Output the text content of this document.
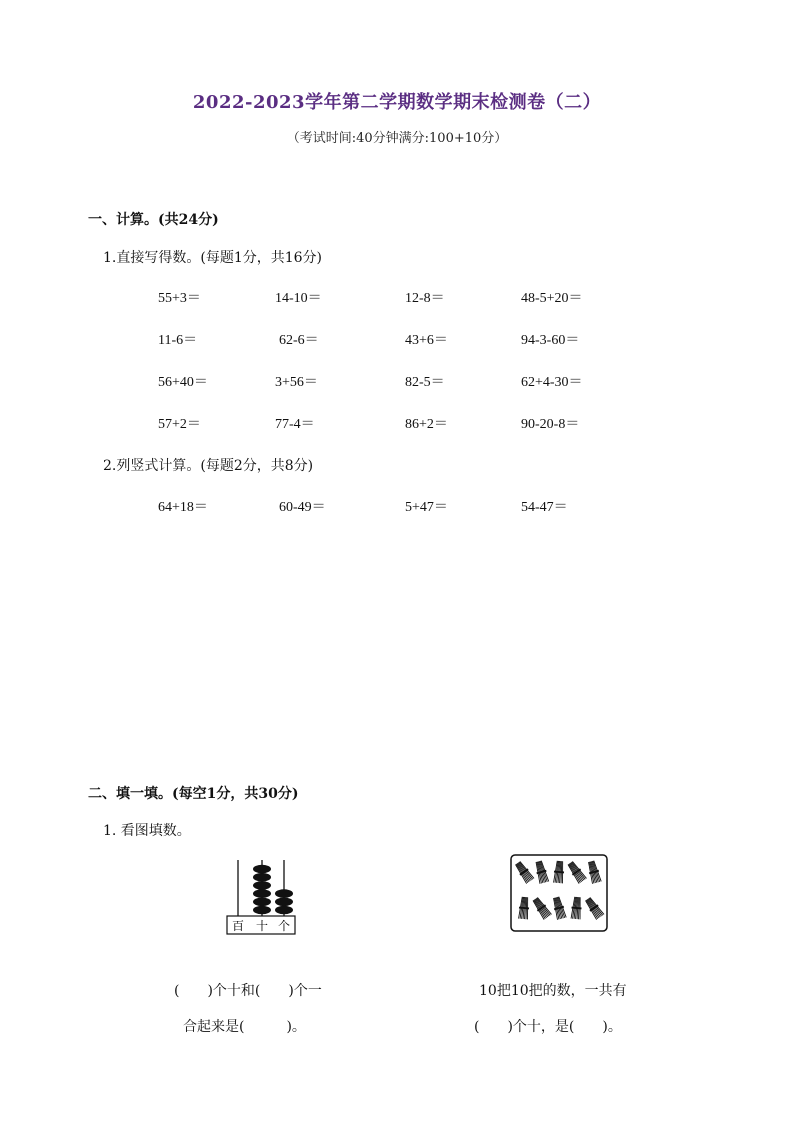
2022-2023学年第二学期数学期末检测卷（二）
（考试时间:40分钟满分:100+10分）
一、计算。(共24分)
1.直接写得数。(每题1分，共16分)
55+3＝	14-10＝	12-8＝	48-5+20＝
11-6＝	62-6＝	43+6＝	94-3-60＝
56+40＝	3+56＝	82-5＝	62+4-30＝
57+2＝	77-4＝	86+2＝	90-20-8＝
2.列竖式计算。(每题2分，共8分)
64+18＝	60-49＝	5+47＝	54-47＝
二、填一填。(每空1分，共30分)
1. 看图填数。
百 十 个
(　　)个十和(　　)个一
合起来是(　　　)。
10把10把的数，一共有
(　　)个十，是(　　)。
